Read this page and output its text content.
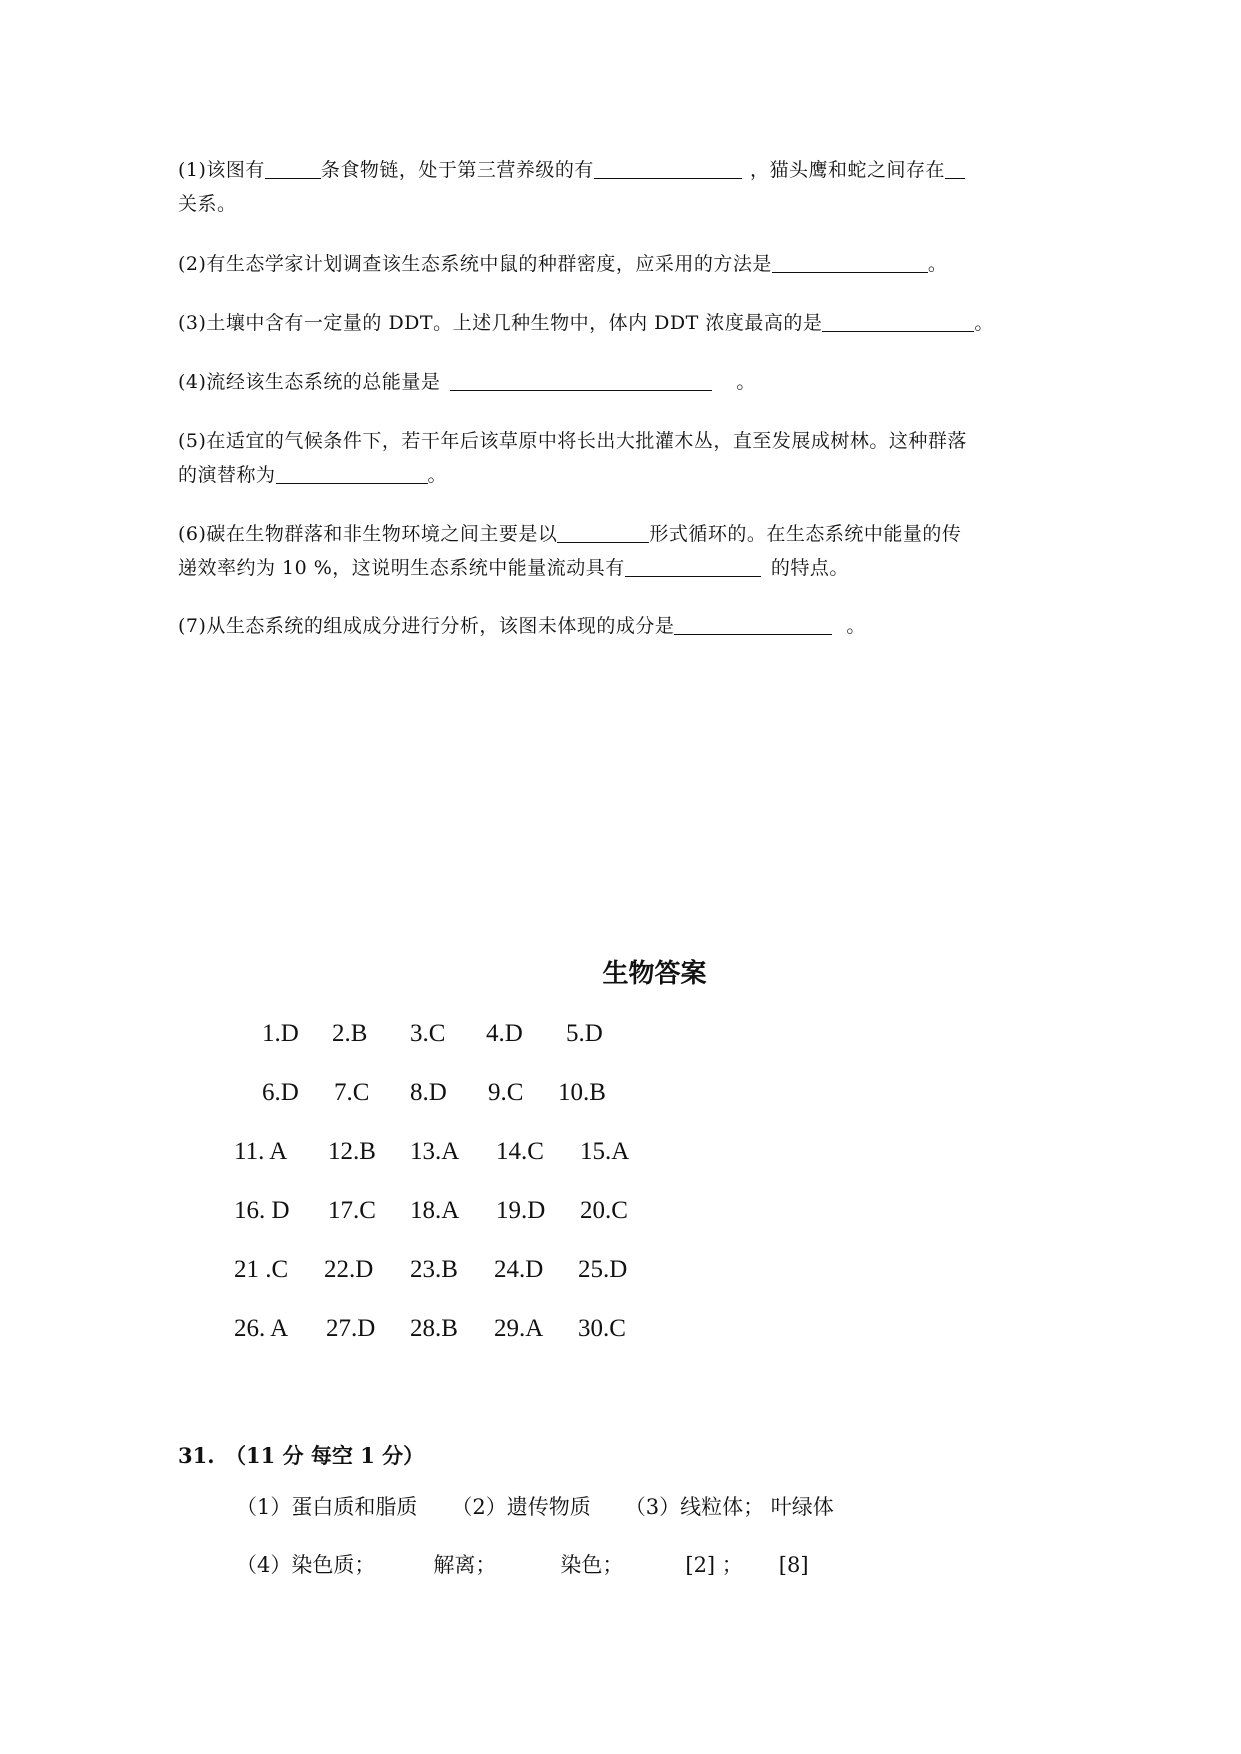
(1)该图有	条食物链，处于第三营养级的有	，猫头鹰和蛇之间存在
关系。
(2)有生态学家计划调查该生态系统中鼠的种群密度，应采用的方法是	。
(3)土壤中含有一定量的 DDT。上述几种生物中，体内 DDT 浓度最高的是	。
(4)流经该生态系统的总能量是	。
(5)在适宜的气候条件下，若干年后该草原中将长出大批灌木丛，直至发展成树林。这种群落
的演替称为	。
(6)碳在生物群落和非生物环境之间主要是以	形式循环的。在生态系统中能量的传
递效率约为 10 %，这说明生态系统中能量流动具有	的特点。
(7)从生态系统的组成成分进行分析，该图未体现的成分是	。
生物答案
1.D 2.B 3.C 4.D 5.D
6.D 7.C 8.D 9.C 10.B
11. A 12.B 13.A 14.C 15.A
16. D 17.C 18.A 19.D 20.C
21 .C 22.D 23.B 24.D 25.D
26. A 27.D 28.B 29.A 30.C
31.　（11 分 每空 1 分）
（1）蛋白质和脂质 （2）遗传物质 （3）线粒体； 叶绿体
（4）染色质；	解离；	染色；	[2] ； [8]
